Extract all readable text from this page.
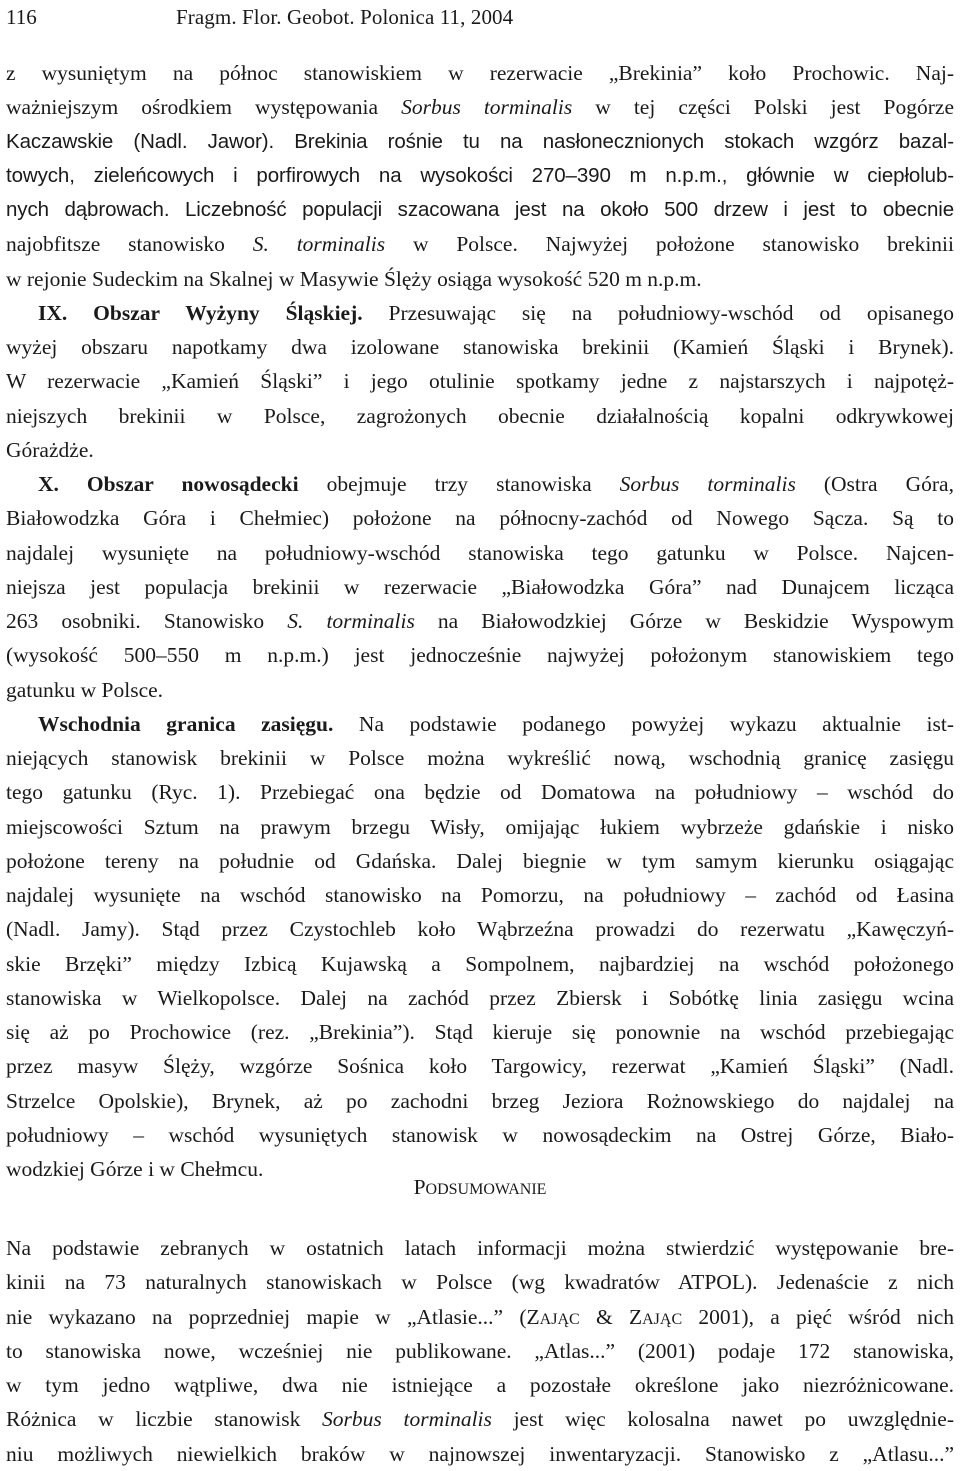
116	Fragm. Flor. Geobot. Polonica 11, 2004
z wysuniętym na północ stanowiskiem w rezerwacie „Brekinia” koło Prochowic. Naj-
ważniejszym ośrodkiem występowania Sorbus torminalis w tej części Polski jest Pogórze
Kaczawskie (Nadl. Jawor). Brekinia rośnie tu na nasłonecznionych stokach wzgórz bazal-
towych, zieleńcowych i porfirowych na wysokości 270–390 m n.p.m., głównie w ciepłolub-
nych dąbrowach. Liczebność populacji szacowana jest na około 500 drzew i jest to obecnie
najobfitsze stanowisko S. torminalis w Polsce. Najwyżej położone stanowisko brekinii
w rejonie Sudeckim na Skalnej w Masywie Ślęży osiąga wysokość 520 m n.p.m.
IX. Obszar Wyżyny Śląskiej. Przesuwając się na południowy-wschód od opisanego
wyżej obszaru napotkamy dwa izolowane stanowiska brekinii (Kamień Śląski i Brynek).
W rezerwacie „Kamień Śląski” i jego otulinie spotkamy jedne z najstarszych i najpotęż-
niejszych brekinii w Polsce, zagrożonych obecnie działalnością kopalni odkrywkowej
Górażdże.
X. Obszar nowosądecki obejmuje trzy stanowiska Sorbus torminalis (Ostra Góra,
Białowodzka Góra i Chełmiec) położone na północny-zachód od Nowego Sącza. Są to
najdalej wysunięte na południowy-wschód stanowiska tego gatunku w Polsce. Najcen-
niejsza jest populacja brekinii w rezerwacie „Białowodzka Góra” nad Dunajcem licząca
263 osobniki. Stanowisko S. torminalis na Białowodzkiej Górze w Beskidzie Wyspowym
(wysokość 500–550 m n.p.m.) jest jednocześnie najwyżej położonym stanowiskiem tego
gatunku w Polsce.
Wschodnia granica zasięgu. Na podstawie podanego powyżej wykazu aktualnie ist-
niejących stanowisk brekinii w Polsce można wykreślić nową, wschodnią granicę zasięgu
tego gatunku (Ryc. 1). Przebiegać ona będzie od Domatowa na południowy – wschód do
miejscowości Sztum na prawym brzegu Wisły, omijając łukiem wybrzeże gdańskie i nisko
położone tereny na południe od Gdańska. Dalej biegnie w tym samym kierunku osiągając
najdalej wysunięte na wschód stanowisko na Pomorzu, na południowy – zachód od Łasina
(Nadl. Jamy). Stąd przez Czystochleb koło Wąbrzeźna prowadzi do rezerwatu „Kawęczyń-
skie Brzęki” między Izbicą Kujawską a Sompolnem, najbardziej na wschód położonego
stanowiska w Wielkopolsce. Dalej na zachód przez Zbiersk i Sobótkę linia zasięgu wcina
się aż po Prochowice (rez. „Brekinia”). Stąd kieruje się ponownie na wschód przebiegając
przez masyw Ślęży, wzgórze Sośnica koło Targowicy, rezerwat „Kamień Śląski” (Nadl.
Strzelce Opolskie), Brynek, aż po zachodni brzeg Jeziora Rożnowskiego do najdalej na
południowy – wschód wysuniętych stanowisk w nowosądeckim na Ostrej Górze, Biało-
wodzkiej Górze i w Chełmcu.
PODSUMOWANIE
Na podstawie zebranych w ostatnich latach informacji można stwierdzić występowanie bre-
kinii na 73 naturalnych stanowiskach w Polsce (wg kwadratów ATPOL). Jedenaście z nich
nie wykazano na poprzedniej mapie w „Atlasie...” (ZAJĄC & ZAJĄC 2001), a pięć wśród nich
to stanowiska nowe, wcześniej nie publikowane. „Atlas...” (2001) podaje 172 stanowiska,
w tym jedno wątpliwe, dwa nie istniejące a pozostałe określone jako niezróżnicowane.
Różnica w liczbie stanowisk Sorbus torminalis jest więc kolosalna nawet po uwzględnie-
niu możliwych niewielkich braków w najnowszej inwentaryzacji. Stanowisko z „Atlasu...”
